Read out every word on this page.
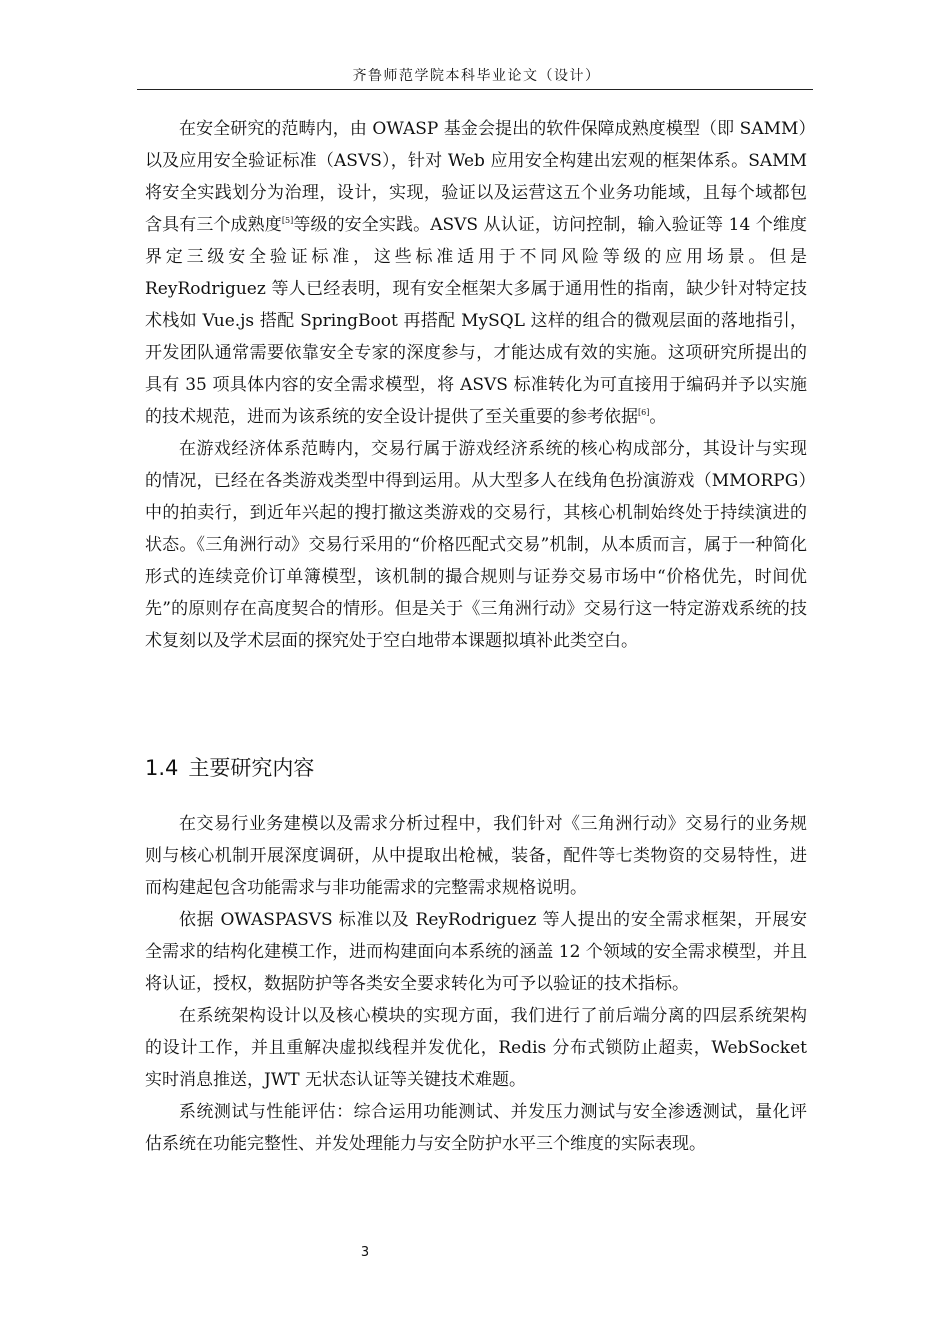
齐鲁师范学院本科毕业论文（设计）

在安全研究的范畴内，由 OWASP 基金会提出的软件保障成熟度模型（即 SAMM）以及应用安全验证标准（ASVS），针对 Web 应用安全构建出宏观的框架体系。SAMM 将安全实践划分为治理，设计，实现，验证以及运营这五个业务功能域，且每个域都包含具有三个成熟度[5]等级的安全实践。ASVS 从认证，访问控制，输入验证等 14 个维度界定三级安全验证标准，这些标准适用于不同风险等级的应用场景。但是 ReyRodriguez 等人已经表明，现有安全框架大多属于通用性的指南，缺少针对特定技术栈如 Vue.js 搭配 SpringBoot 再搭配 MySQL 这样的组合的微观层面的落地指引，开发团队通常需要依靠安全专家的深度参与，才能达成有效的实施。这项研究所提出的具有 35 项具体内容的安全需求模型，将 ASVS 标准转化为可直接用于编码并予以实施的技术规范，进而为该系统的安全设计提供了至关重要的参考依据[6]。

在游戏经济体系范畴内，交易行属于游戏经济系统的核心构成部分，其设计与实现的情况，已经在各类游戏类型中得到运用。从大型多人在线角色扮演游戏（MMORPG）中的拍卖行，到近年兴起的搜打撤这类游戏的交易行，其核心机制始终处于持续演进的状态。《三角洲行动》交易行采用的“价格匹配式交易”机制，从本质而言，属于一种简化形式的连续竞价订单簿模型，该机制的撮合规则与证券交易市场中“价格优先，时间优先”的原则存在高度契合的情形。但是关于《三角洲行动》交易行这一特定游戏系统的技术复刻以及学术层面的探究处于空白地带本课题拟填补此类空白。

1.4 主要研究内容

在交易行业务建模以及需求分析过程中，我们针对《三角洲行动》交易行的业务规则与核心机制开展深度调研，从中提取出枪械，装备，配件等七类物资的交易特性，进而构建起包含功能需求与非功能需求的完整需求规格说明。

依据 OWASPASVS 标准以及 ReyRodriguez 等人提出的安全需求框架，开展安全需求的结构化建模工作，进而构建面向本系统的涵盖 12 个领域的安全需求模型，并且将认证，授权，数据防护等各类安全要求转化为可予以验证的技术指标。

在系统架构设计以及核心模块的实现方面，我们进行了前后端分离的四层系统架构的设计工作，并且重解决虚拟线程并发优化，Redis 分布式锁防止超卖，WebSocket 实时消息推送，JWT 无状态认证等关键技术难题。

系统测试与性能评估：综合运用功能测试、并发压力测试与安全渗透测试，量化评估系统在功能完整性、并发处理能力与安全防护水平三个维度的实际表现。

3
